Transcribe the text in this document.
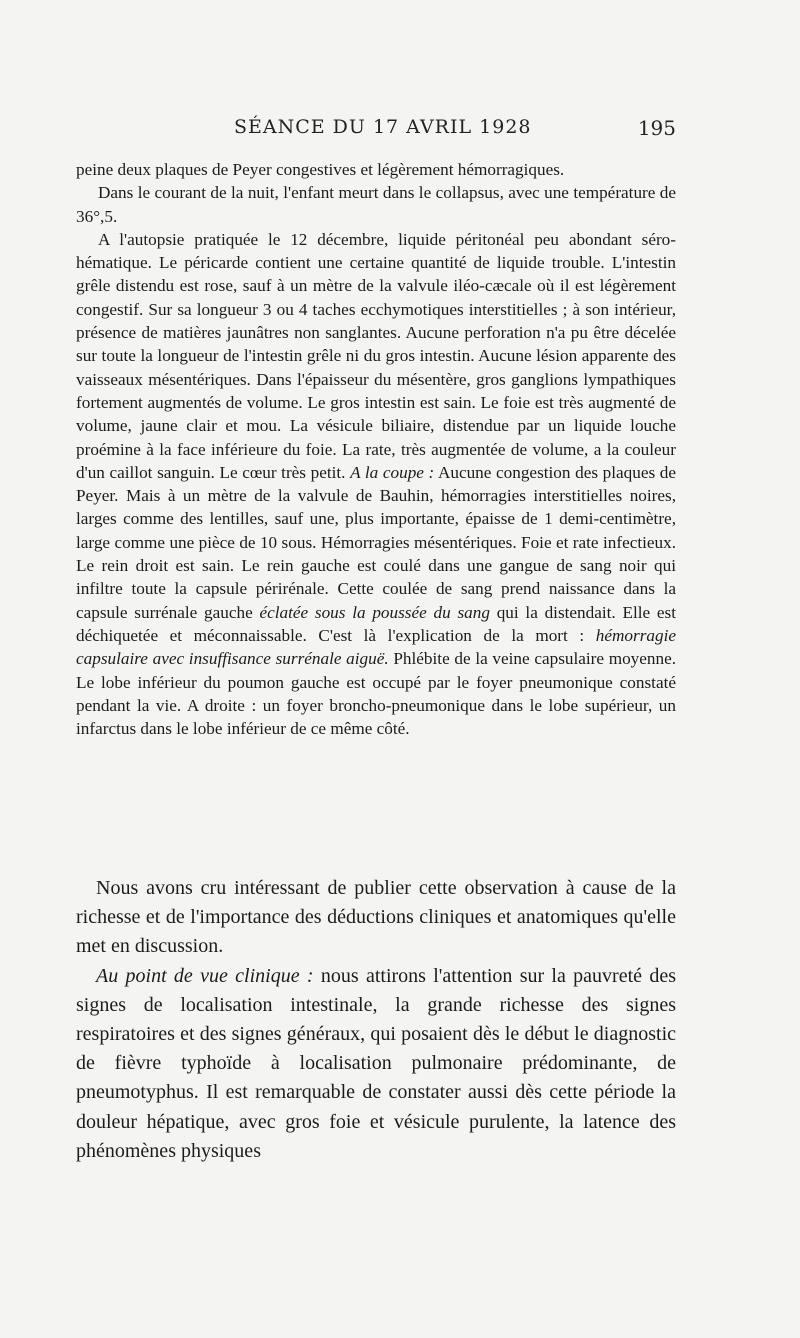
SÉANCE DU 17 AVRIL 1928	195

peine deux plaques de Peyer congestives et légèrement hémorragiques.

Dans le courant de la nuit, l'enfant meurt dans le collapsus, avec une température de 36°,5.

A l'autopsie pratiquée le 12 décembre, liquide péritonéal peu abondant séro-hématique. Le péricarde contient une certaine quantité de liquide trouble. L'intestin grêle distendu est rose, sauf à un mètre de la valvule iléo-cæcale où il est légèrement congestif. Sur sa longueur 3 ou 4 taches ecchymotiques interstitielles ; à son intérieur, présence de matières jaunâtres non sanglantes. Aucune perforation n'a pu être décelée sur toute la longueur de l'intestin grêle ni du gros intestin. Aucune lésion apparente des vaisseaux mésentériques. Dans l'épaisseur du mésentère, gros ganglions lympathiques fortement augmentés de volume. Le gros intestin est sain. Le foie est très augmenté de volume, jaune clair et mou. La vésicule biliaire, distendue par un liquide louche proémine à la face inférieure du foie. La rate, très augmentée de volume, a la couleur d'un caillot sanguin. Le cœur très petit. A la coupe : Aucune congestion des plaques de Peyer. Mais à un mètre de la valvule de Bauhin, hémorragies interstitielles noires, larges comme des lentilles, sauf une, plus importante, épaisse de 1 demi-centimètre, large comme une pièce de 10 sous. Hémorragies mésentériques. Foie et rate infectieux. Le rein droit est sain. Le rein gauche est coulé dans une gangue de sang noir qui infiltre toute la capsule périrénale. Cette coulée de sang prend naissance dans la capsule surrénale gauche éclatée sous la poussée du sang qui la distendait. Elle est déchiquetée et méconnaissable. C'est là l'explication de la mort : hémorragie capsulaire avec insuffisance surrénale aiguë. Phlébite de la veine capsulaire moyenne. Le lobe inférieur du poumon gauche est occupé par le foyer pneumonique constaté pendant la vie. A droite : un foyer broncho-pneumonique dans le lobe supérieur, un infarctus dans le lobe inférieur de ce même côté.

Nous avons cru intéressant de publier cette observation à cause de la richesse et de l'importance des déductions cliniques et anatomiques qu'elle met en discussion.

Au point de vue clinique : nous attirons l'attention sur la pauvreté des signes de localisation intestinale, la grande richesse des signes respiratoires et des signes généraux, qui posaient dès le début le diagnostic de fièvre typhoïde à localisation pulmonaire prédominante, de pneumotyphus. Il est remarquable de constater aussi dès cette période la douleur hépatique, avec gros foie et vésicule purulente, la latence des phénomènes physiques
